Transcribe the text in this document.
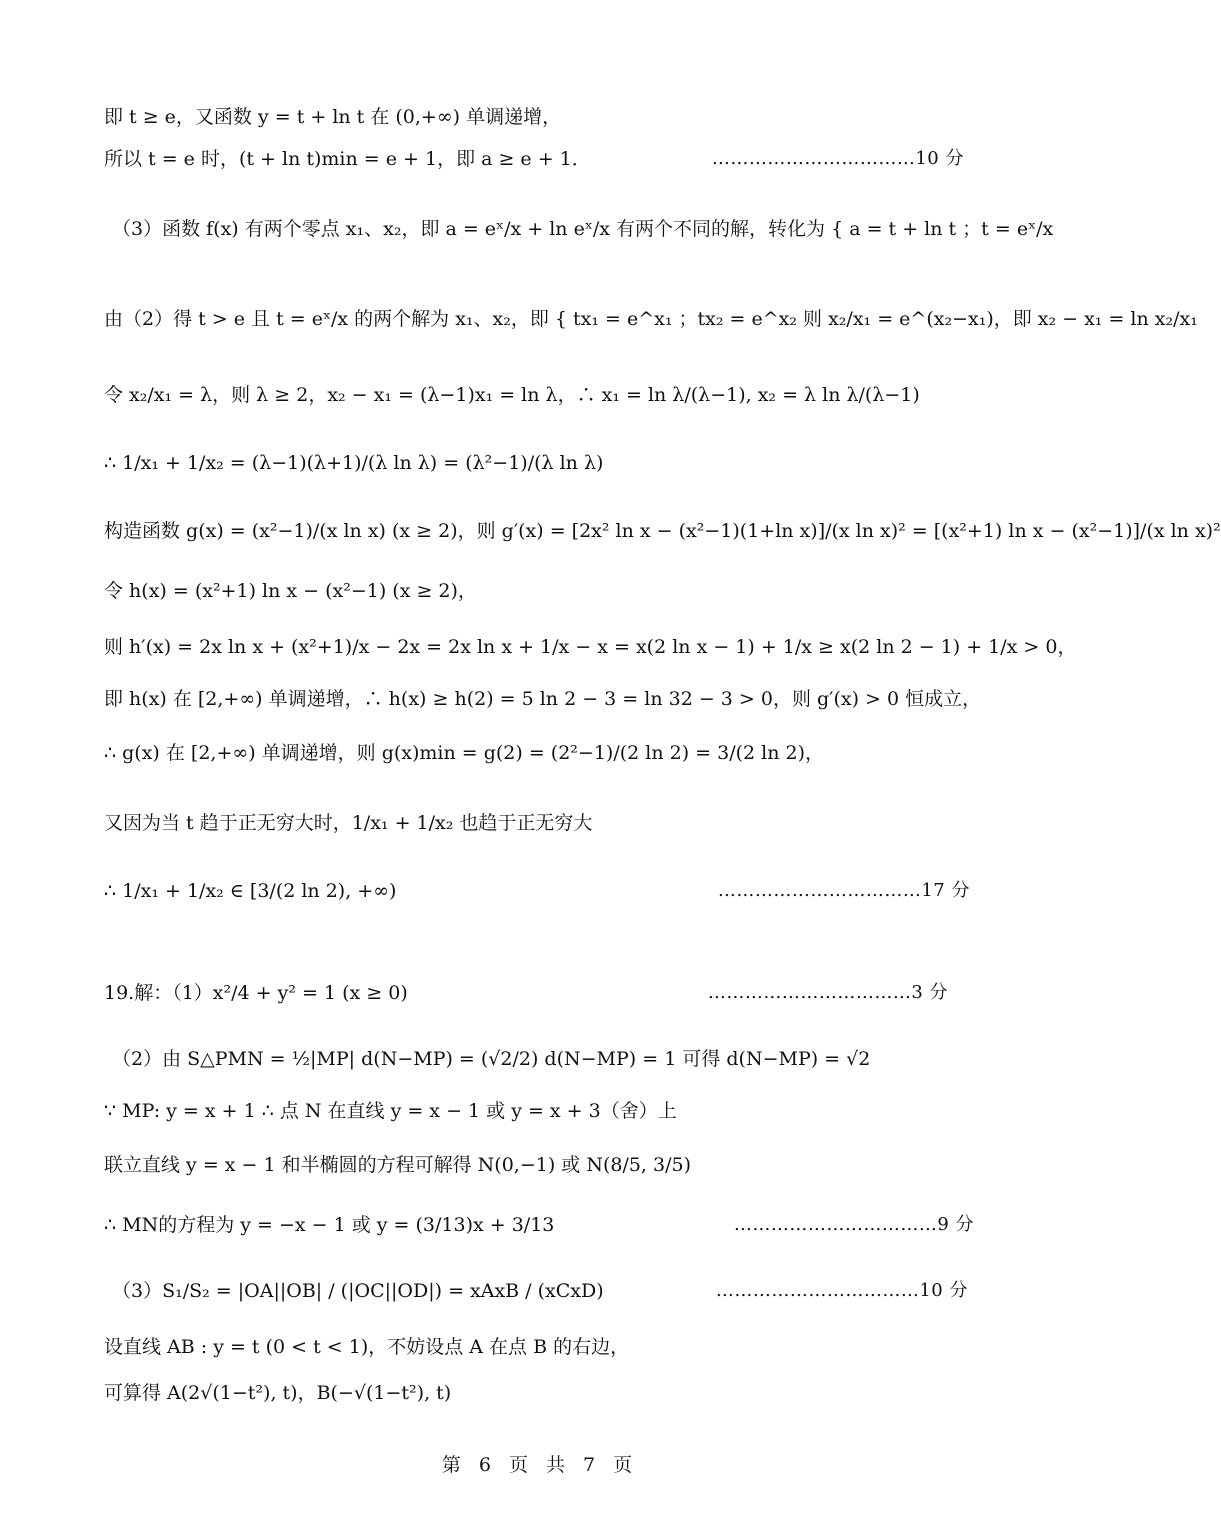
即 t ≥ e，又函数 y = t + ln t 在 (0,+∞) 单调递增，
所以 t = e 时，(t + ln t)min = e + 1，即 a ≥ e + 1．	……………………………10 分
（3）函数 f(x) 有两个零点 x₁、x₂，即 a = eˣ/x + ln eˣ/x 有两个不同的解，转化为 { a = t + ln t ；t = eˣ/x
由（2）得 t > e 且 t = eˣ/x 的两个解为 x₁、x₂，即 { tx₁ = e^x₁ ；tx₂ = e^x₂ 则 x₂/x₁ = e^(x₂−x₁)，即 x₂ − x₁ = ln x₂/x₁
令 x₂/x₁ = λ，则 λ ≥ 2，x₂ − x₁ = (λ−1)x₁ = ln λ，∴ x₁ = ln λ/(λ−1), x₂ = λ ln λ/(λ−1)
∴ 1/x₁ + 1/x₂ = (λ−1)(λ+1)/(λ ln λ) = (λ²−1)/(λ ln λ)
构造函数 g(x) = (x²−1)/(x ln x) (x ≥ 2)，则 g′(x) = [2x² ln x − (x²−1)(1+ln x)]/(x ln x)² = [(x²+1) ln x − (x²−1)]/(x ln x)²
令 h(x) = (x²+1) ln x − (x²−1) (x ≥ 2)，
则 h′(x) = 2x ln x + (x²+1)/x − 2x = 2x ln x + 1/x − x = x(2 ln x − 1) + 1/x ≥ x(2 ln 2 − 1) + 1/x > 0，
即 h(x) 在 [2,+∞) 单调递增，∴ h(x) ≥ h(2) = 5 ln 2 − 3 = ln 32 − 3 > 0，则 g′(x) > 0 恒成立，
∴ g(x) 在 [2,+∞) 单调递增，则 g(x)min = g(2) = (2²−1)/(2 ln 2) = 3/(2 ln 2)，
又因为当 t 趋于正无穷大时，1/x₁ + 1/x₂ 也趋于正无穷大
∴ 1/x₁ + 1/x₂ ∈ [3/(2 ln 2), +∞)	……………………………17 分
19.解：（1）x²/4 + y² = 1 (x ≥ 0)	……………………………3 分
（2）由 S△PMN = ½|MP| d(N−MP) = (√2/2) d(N−MP) = 1 可得 d(N−MP) = √2
∵ MP: y = x + 1 ∴ 点 N 在直线 y = x − 1 或 y = x + 3（舍）上
联立直线 y = x − 1 和半椭圆的方程可解得 N(0,−1) 或 N(8/5, 3/5)
∴ MN的方程为 y = −x − 1 或 y = (3/13)x + 3/13	……………………………9 分
（3）S₁/S₂ = |OA||OB| / (|OC||OD|) = xAxB / (xCxD)	……………………………10 分
设直线 AB : y = t (0 < t < 1)，不妨设点 A 在点 B 的右边，
可算得 A(2√(1−t²), t)，B(−√(1−t²), t)
第 6 页 共 7 页
